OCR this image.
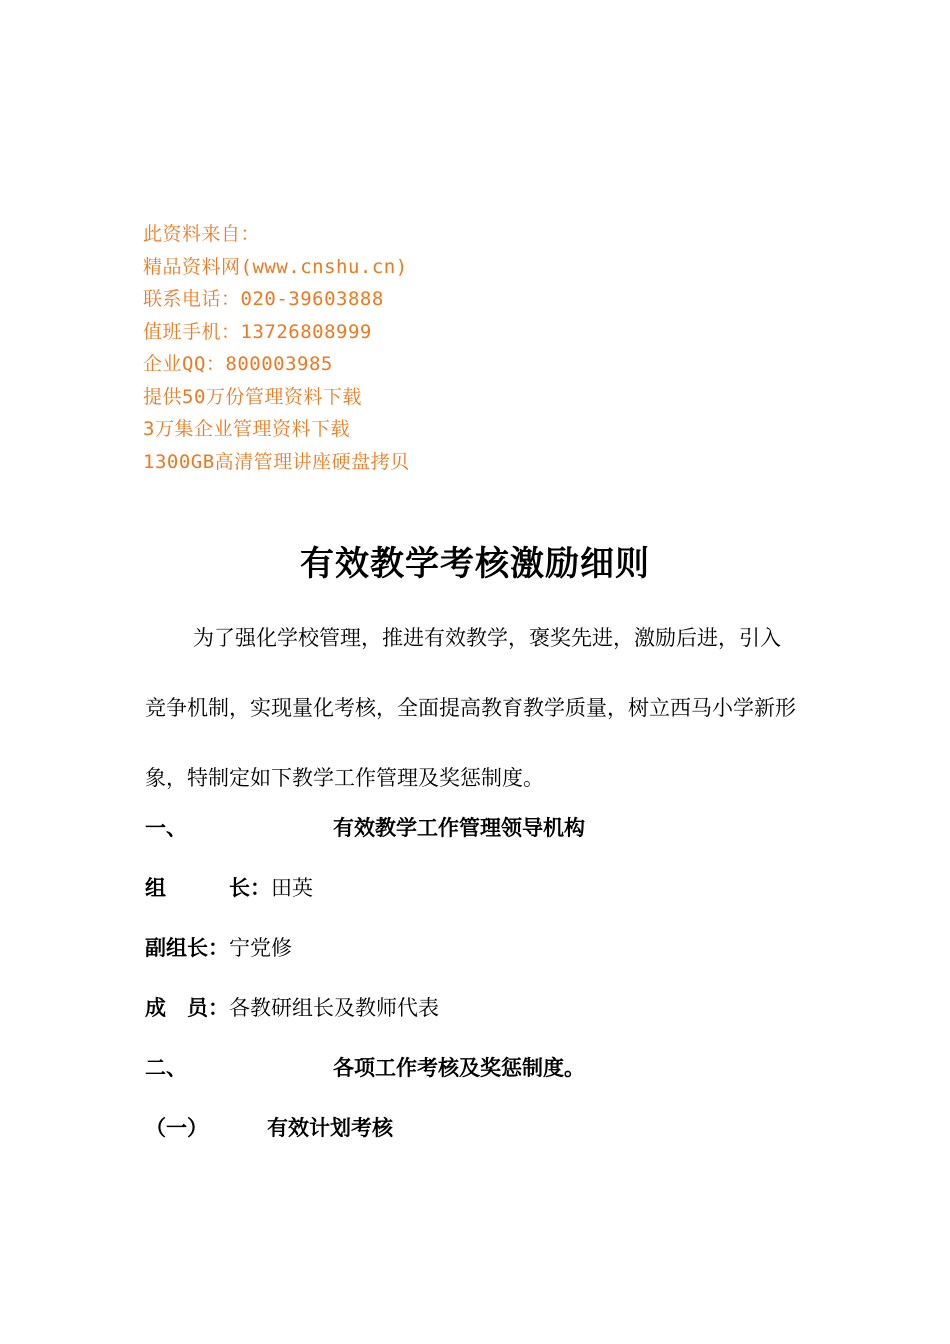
此资料来自：
精品资料网(www.cnshu.cn)
联系电话：020-39603888
值班手机：13726808999
企业QQ：800003985
提供50万份管理资料下载
3万集企业管理资料下载
1300GB高清管理讲座硬盘拷贝
有效教学考核激励细则

为了强化学校管理，推进有效教学，褒奖先进，激励后进，引入竞争机制，实现量化考核，全面提高教育教学质量，树立西马小学新形象，特制定如下教学工作管理及奖惩制度。

一、	有效教学工作管理领导机构
组　　　长：田英
副组长：宁党修
成　员：各教研组长及教师代表
二、	各项工作考核及奖惩制度。
（一）	有效计划考核
